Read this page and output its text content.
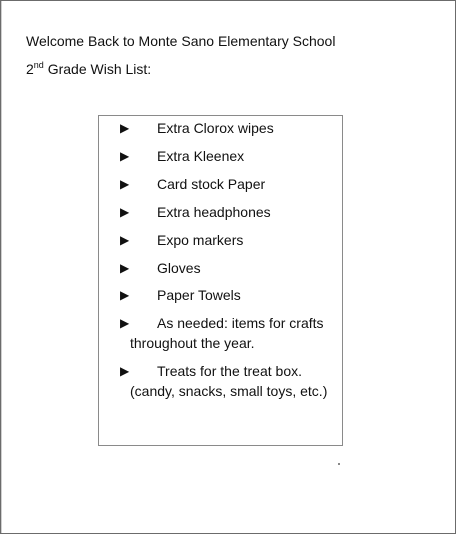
Welcome Back to Monte Sano Elementary School
2nd Grade Wish List:
▶ Extra Clorox wipes
▶ Extra Kleenex
▶ Card stock Paper
▶ Extra headphones
▶ Expo markers
▶ Gloves
▶ Paper Towels
▶	As needed: items for crafts throughout the year.
▶	Treats for the treat box.(candy, snacks, small toys, etc.)
